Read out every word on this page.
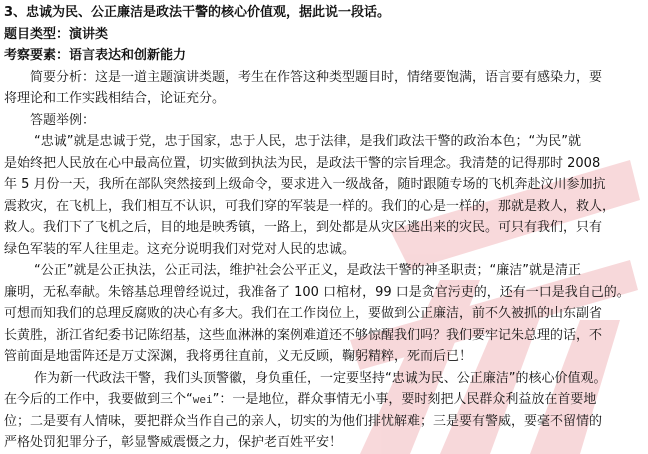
3、忠诚为民、公正廉洁是政法干警的核心价值观，据此说一段话。
题目类型：演讲类
考察要素：语言表达和创新能力
简要分析：这是一道主题演讲类题，考生在作答这种类型题目时，情绪要饱满，语言要有感染力，要
将理论和工作实践相结合，论证充分。
答题举例：
“忠诚”就是忠诚于党，忠于国家，忠于人民，忠于法律，是我们政法干警的政治本色；“为民”就
是始终把人民放在心中最高位置，切实做到执法为民，是政法干警的宗旨理念。我清楚的记得那时 2008
年 5 月份一天，我所在部队突然接到上级命令，要求进入一级战备，随时跟随专场的飞机奔赴汶川参加抗
震救灾，在飞机上，我们相互不认识，可我们穿的军装是一样的。我们的心是一样的，那就是救人，救人，
救人。我们下了飞机之后，目的地是映秀镇，一路上，到处都是从灾区逃出来的灾民。可只有我们，只有
绿色军装的军人往里走。这充分说明我们对党对人民的忠诚。
“公正”就是公正执法，公正司法，维护社会公平正义，是政法干警的神圣职责；“廉洁”就是清正
廉明，无私奉献。朱镕基总理曾经说过，我准备了 100 口棺材，99 口是贪官污吏的，还有一口是我自己的。
可想而知我们的总理反腐败的决心有多大。我们在工作岗位上，要做到公正廉洁，前不久被抓的山东副省
长黄胜，浙江省纪委书记陈绍基，这些血淋淋的案例难道还不够惊醒我们吗？我们要牢记朱总理的话，不
管前面是地雷阵还是万丈深渊，我将勇往直前，义无反顾，鞠躬精粹，死而后已！
作为新一代政法干警，我们头顶警徽，身负重任，一定要坚持“忠诚为民、公正廉洁”的核心价值观。
在今后的工作中，我要做到三个“wei”：一是地位，群众事情无小事，要时刻把人民群众利益放在首要地
位；二是要有人情味，要把群众当作自己的亲人，切实的为他们排忧解难；三是要有警威，要毫不留情的
严格处罚犯罪分子，彰显警威震慑之力，保护老百姓平安！
